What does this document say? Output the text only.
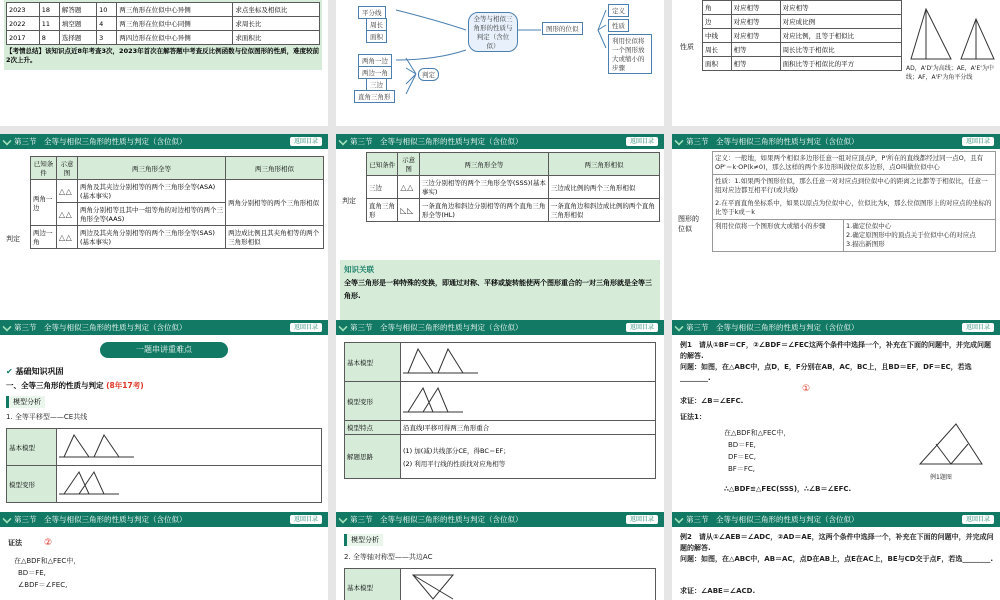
2023	18	解答题	10	两三角形在位似中心异侧	求点坐标及相似比
2022	11	填空题	4	两三角形在位似中心同侧	求周长比
2017	8	选择题	3	两四边形在位似中心异侧	求面积比
【考情总结】该知识点近8年考查3次，2023年首次在解答题中考查反比例函数与位似图形的性质，难度较前2次上升。
平分线
周长
面积
两角一边
两边一角
三边
直角三角形
判定
全等与相似三角形的性质与判定（含位似）
图形的位似
定义
性质
利用位似将一个图形放大或缩小的步骤
性质
角	对应相等	对应相等
边	对应相等	对应成比例
中线	对应相等	对应比例，且等于相似比
周长	相等	周长比等于相似比
面积	相等	面积比等于相似比的平方
AD，A'D'为高线；AE，A'E'为中线；AF，A'F'为角平分线
第三节　全等与相似三角形的性质与判定（含位似）	返回目录
判定
已知条件	示意图	两三角形全等	两三角形相似
两角一边	△ △	两角及其夹边分别相等的两个三角形全等(ASA)(基本事实)	两角分别相等的两个三角形相似
	△ △	两角分别相等且其中一组等角的对边相等的两个三角形全等(AAS)	
两边一角	△ △	两边及其夹角分别相等的两个三角形全等(SAS)(基本事实)	两边成比例且其夹角相等的两个三角形相似
第三节　全等与相似三角形的性质与判定（含位似）	返回目录
判定
已知条件	示意图	两三角形全等	两三角形相似
三边	△ △	三边分别相等的两个三角形全等(SSS)(基本事实)	三边成比例的两个三角形相似
直角三角形	◺ ◺	一条直角边和斜边分别相等的两个直角三角形全等(HL)	一条直角边和斜边成比例的两个直角三角形相似
知识关联
全等三角形是一种特殊的变换，即通过对称、平移或旋转能使两个图形重合的一对三角形就是全等三角形.
第三节　全等与相似三角形的性质与判定（含位似）	返回目录
图形的位似
定义：一般地，如果两个相似多边形任意一组对应顶点P，P'所在的直线都经过同一点O，且有OP'＝k·OP(k≠0)，那么这样的两个多边形叫做位似多边形，点O叫做位似中心
性质：1.如果两个图形位似，那么任意一对对应点到位似中心的距离之比都等于相似比，任意一组对应边都互相平行(或共线)
2.在平面直角坐标系中，如果以原点为位似中心，位似比为k，那么位似图形上的对应点的坐标的比等于k或－k
利用位似将一个图形放大或缩小的步骤	1.确定位似中心
2.确定原图形中的顶点关于位似中心的对应点
3.描出新图形
第三节　全等与相似三角形的性质与判定（含位似）	返回目录
一题串讲重难点
✔ 基础知识巩固
一、全等三角形的性质与判定 (8年17考)
模型分析
1. 全等平移型——CE共线
基本模型	
模型变形	
第三节　全等与相似三角形的性质与判定（含位似）	返回目录
基本模型	
模型变形	
模型特点	沿直线l平移可得两三角形重合
解题思路	(1) 加(减)共线部分CE，得BC＝EF；
(2) 利用平行线的性质找对应角相等
第三节　全等与相似三角形的性质与判定（含位似）	返回目录
例1　请从①BF＝CF，②∠BDF＝∠FEC这两个条件中选择一个，补充在下面的问题中，并完成问题的解答.
问题：如图，在△ABC中，点D，E，F分别在AB，AC，BC上，且BD＝EF，DF＝EC，若选________.
求证：∠B＝∠EFC.
①
证法1：
在△BDF和△FEC中，
BD＝FE,
DF＝EC,
BF＝FC,
∴△BDF≌△FEC(SSS)，∴∠B＝∠EFC.
例1题图
第三节　全等与相似三角形的性质与判定（含位似）	返回目录
证法 ②
在△BDF和△FEC中，
BD＝FE,
∠BDF＝∠FEC,
第三节　全等与相似三角形的性质与判定（含位似）	返回目录
模型分析
2. 全等轴对称型——共边AC
基本模型	
第三节　全等与相似三角形的性质与判定（含位似）	返回目录
例2　请从①∠AEB＝∠ADC，②AD＝AE，这两个条件中选择一个，补充在下面的问题中，并完成问题的解答.
问题：如图，在△ABC中，AB＝AC，点D在AB上，点E在AC上，BE与CD交于点F，若选________.
求证：∠ABE＝∠ACD.
